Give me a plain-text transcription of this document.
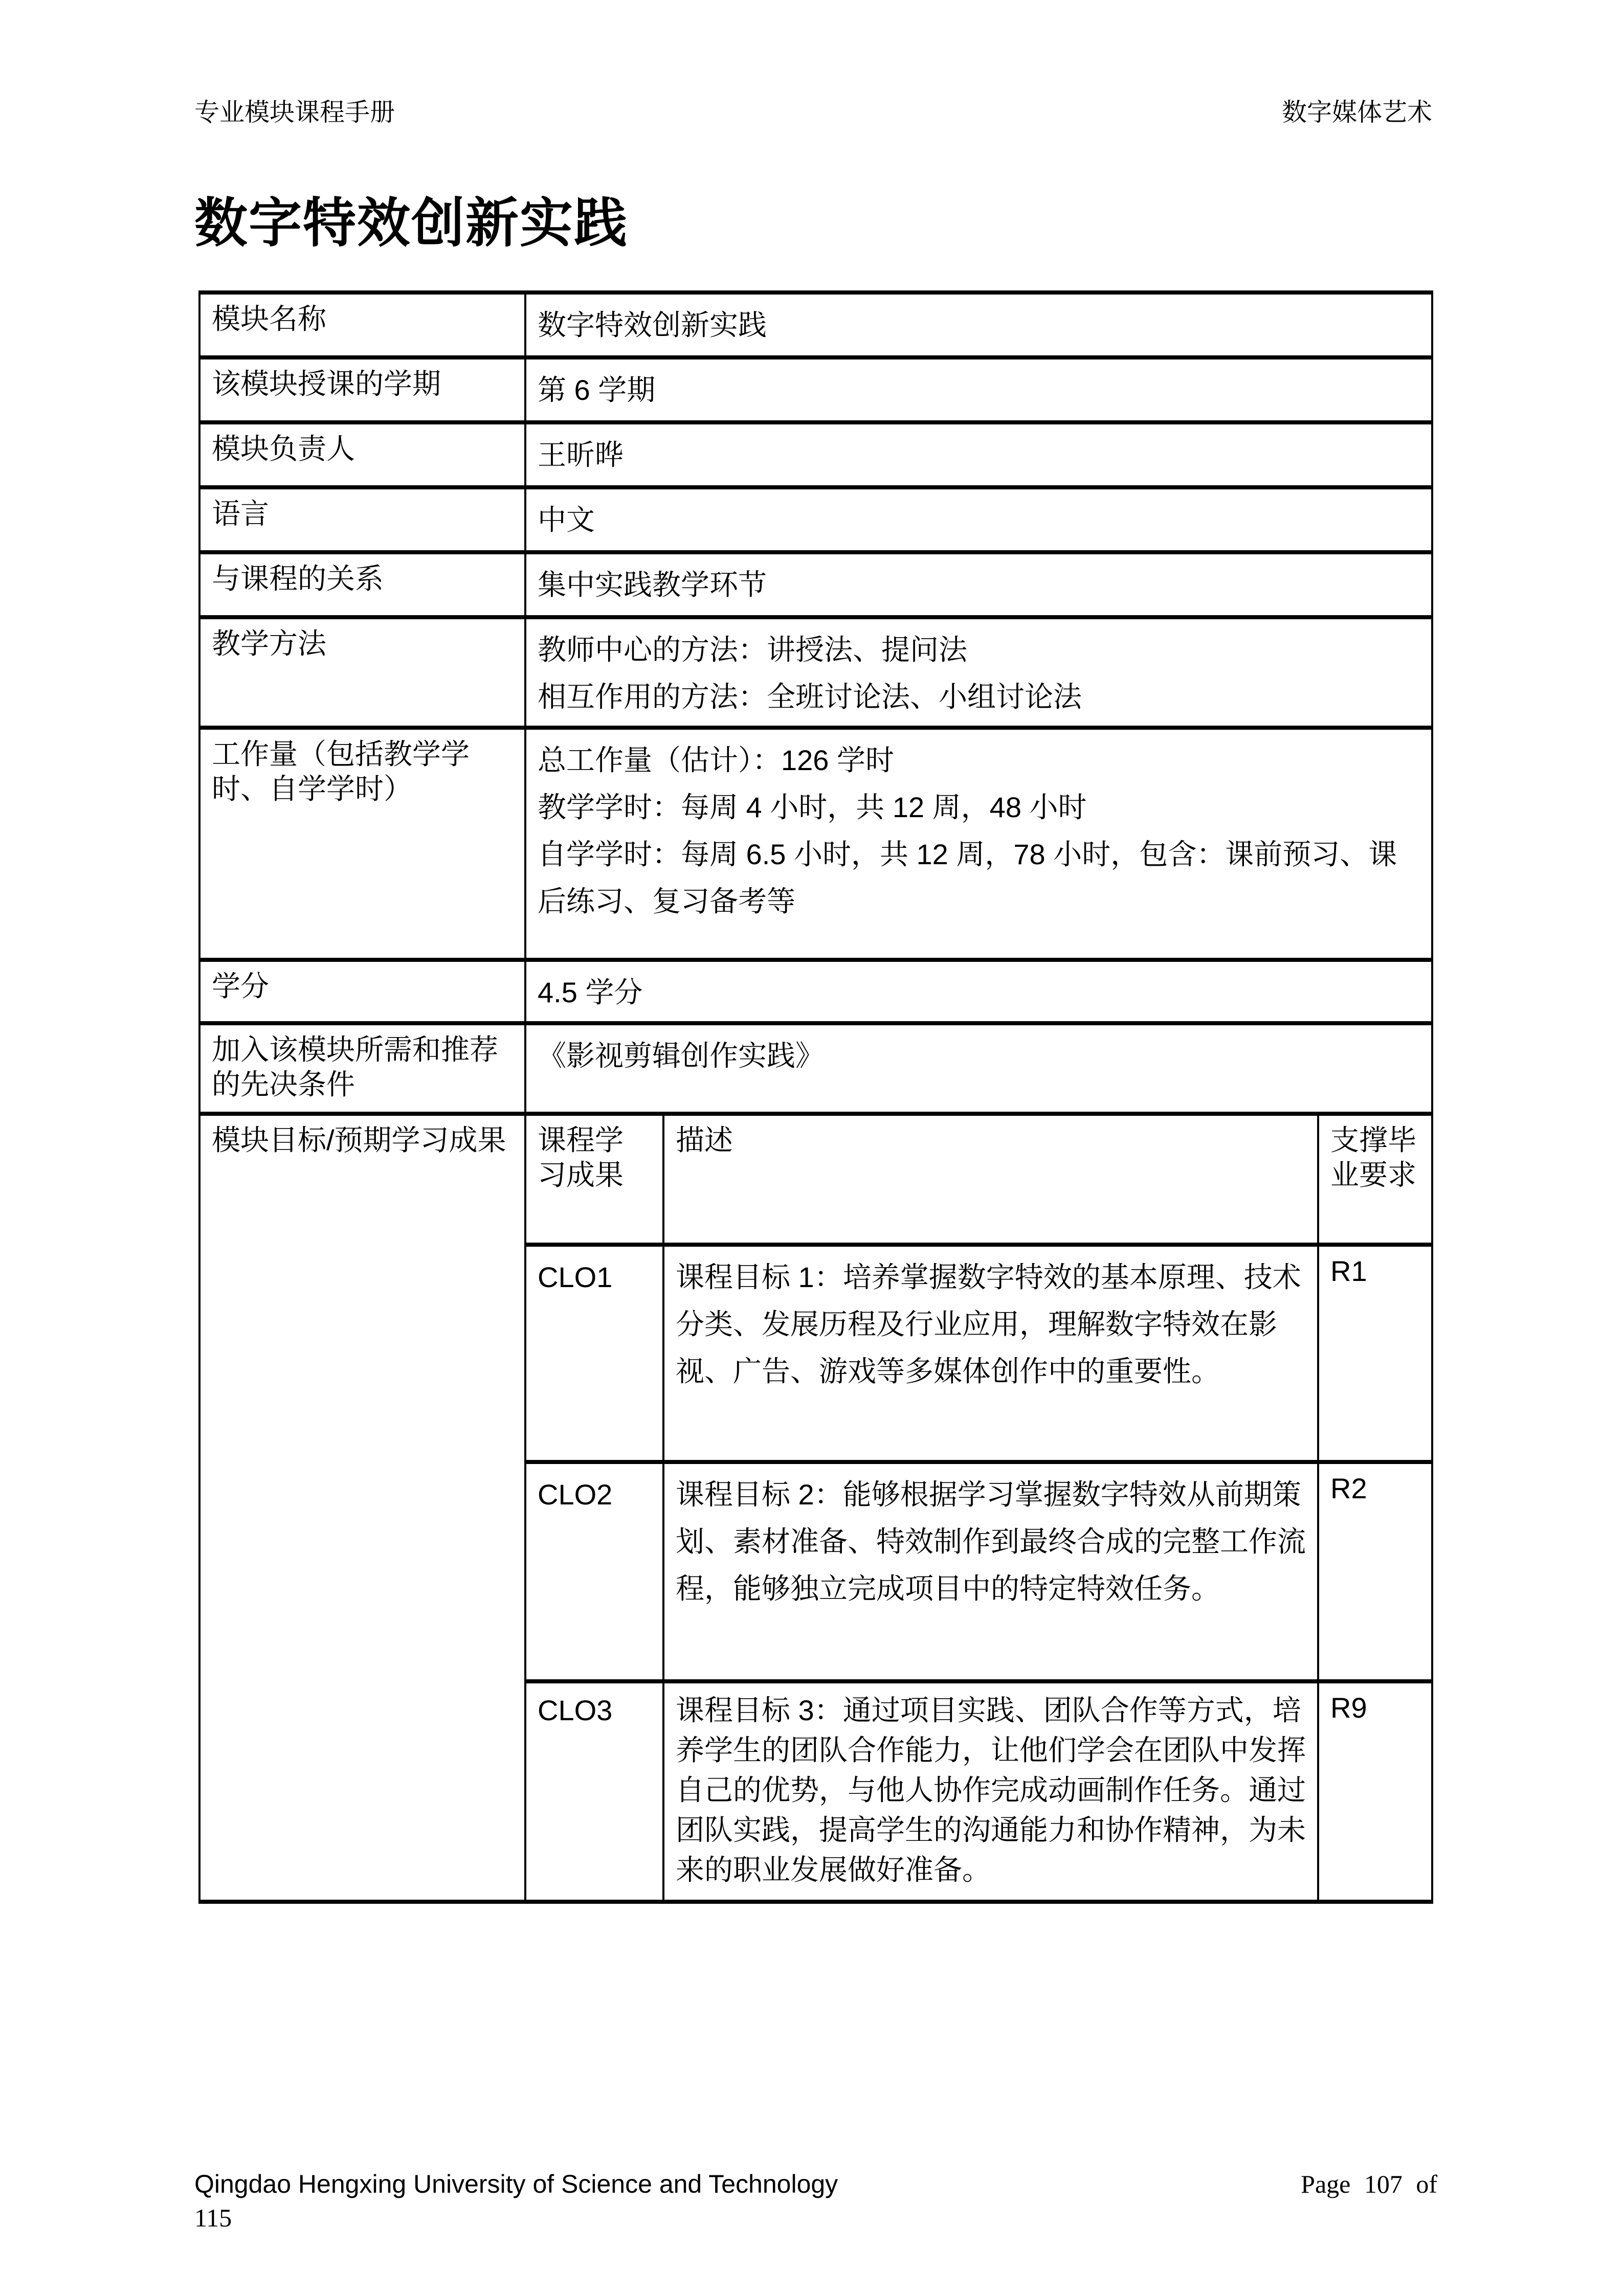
专业模块课程手册	数字媒体艺术
数字特效创新实践
模块名称	数字特效创新实践		
该模块授课的学期	第 6 学期		
模块负责人	王昕晔		
语言	中文		
与课程的关系	集中实践教学环节		
教学方法	教师中心的方法：讲授法、提问法
相互作用的方法：全班讨论法、小组讨论法		

工作量（包括教学学时、自学学时）	总工作量（估计）：126 学时
教学学时：每周 4 小时，共 12 周，48 小时
自学学时：每周 6.5 小时，共 12 周，78 小时，包含：课前预习、课后练习、复习备考等		

学分	4.5 学分		
加入该模块所需和推荐的先决条件	《影视剪辑创作实践》		
模块目标/预期学习成果	课程学习成果	描述	支撑毕业要求
	CLO1	课程目标 1：培养掌握数字特效的基本原理、技术分类、发展历程及行业应用，理解数字特效在影视、广告、游戏等多媒体创作中的重要性。	R1
	CLO2	课程目标 2：能够根据学习掌握数字特效从前期策划、素材准备、特效制作到最终合成的完整工作流程，能够独立完成项目中的特定特效任务。	R2
	CLO3	课程目标 3：通过项目实践、团队合作等方式，培养学生的团队合作能力，让他们学会在团队中发挥自己的优势，与他人协作完成动画制作任务。通过团队实践，提高学生的沟通能力和协作精神，为未来的职业发展做好准备。	R9
Qingdao Hengxing University of Science and Technology	Page 107 of
115
